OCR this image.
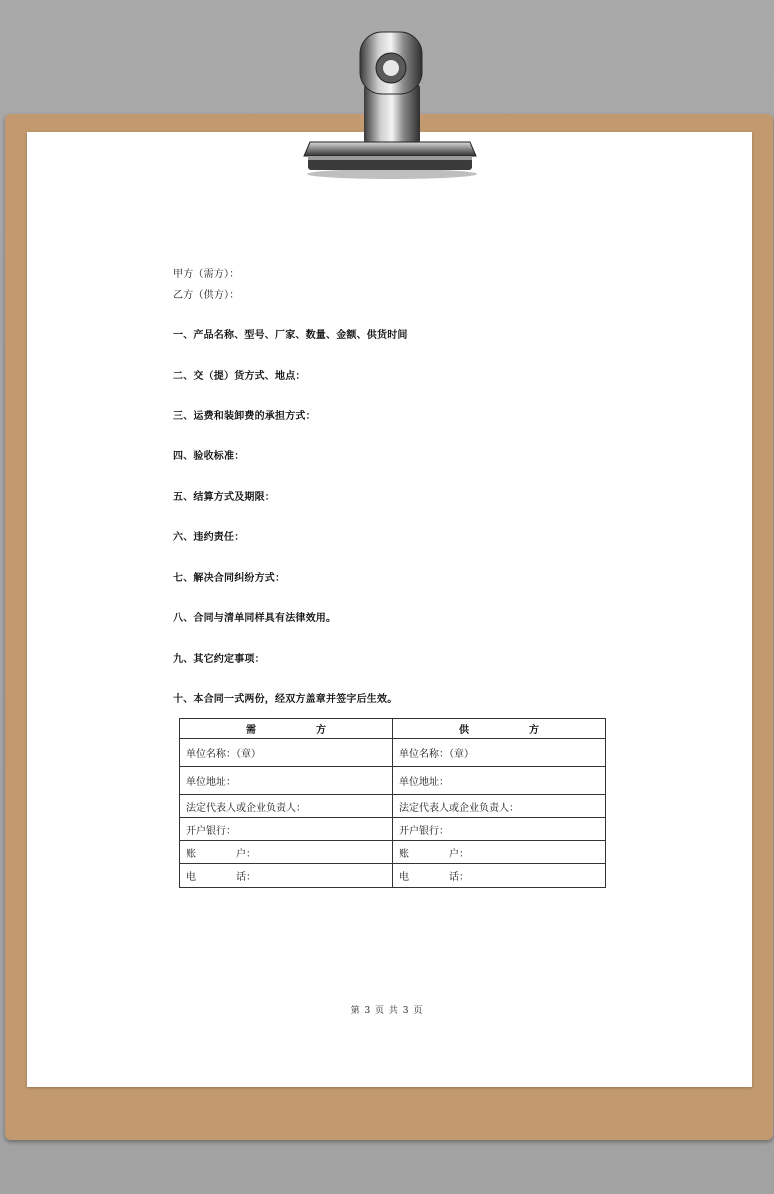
甲方（需方）：
乙方（供方）：
一、产品名称、型号、厂家、数量、金额、供货时间
二、交（提）货方式、地点：
三、运费和装卸费的承担方式：
四、验收标准：
五、结算方式及期限：
六、违约责任：
七、解决合同纠纷方式：
八、合同与清单同样具有法律效用。
九、其它约定事项：
十、本合同一式两份，经双方盖章并签字后生效。
需方	供方
单位名称：（章）	单位名称：（章）
单位地址：	单位地址：
法定代表人或企业负责人：	法定代表人或企业负责人：
开户银行：	开户银行：
账　　　　户：	账　　　　户：
电　　　　话：	电　　　　话：
第 3 页 共 3 页
